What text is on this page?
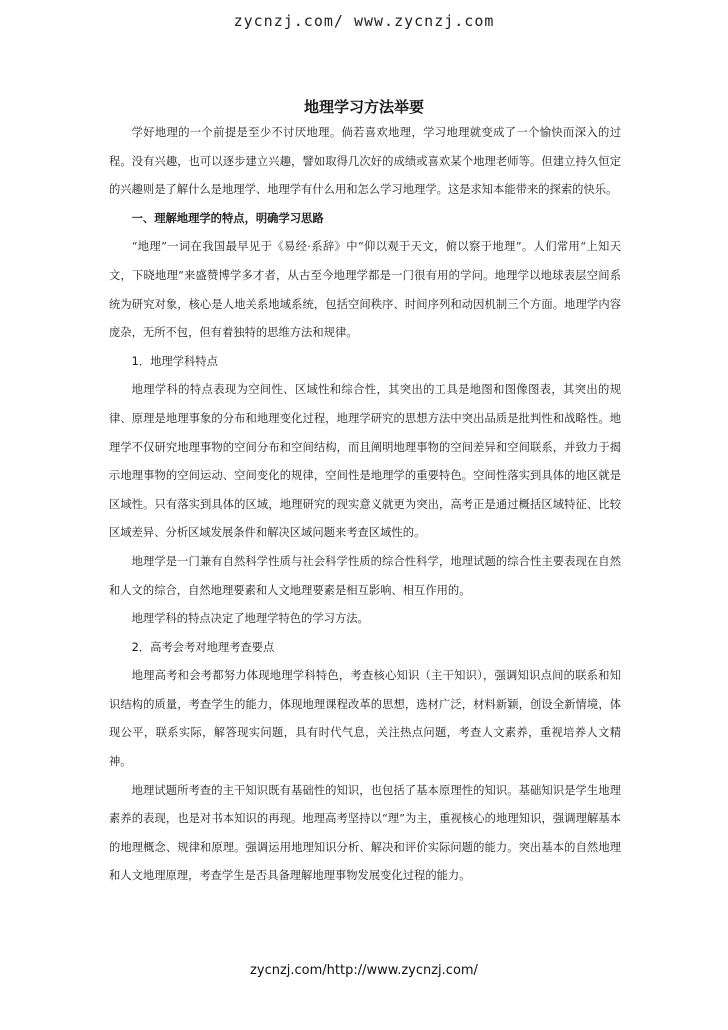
zycnzj.com/ www.zycnzj.com
地理学习方法举要

学好地理的一个前提是至少不讨厌地理。倘若喜欢地理，学习地理就变成了一个愉快而深入的过程。没有兴趣，也可以逐步建立兴趣，譬如取得几次好的成绩或喜欢某个地理老师等。但建立持久恒定的兴趣则是了解什么是地理学、地理学有什么用和怎么学习地理学。这是求知本能带来的探索的快乐。

一、理解地理学的特点，明确学习思路

“地理”一词在我国最早见于《易经·系辞》中“仰以观于天文，俯以察于地理”。人们常用“上知天文，下晓地理”来盛赞博学多才者，从古至今地理学都是一门很有用的学问。地理学以地球表层空间系统为研究对象，核心是人地关系地域系统，包括空间秩序、时间序列和动因机制三个方面。地理学内容庞杂，无所不包，但有着独特的思维方法和规律。

1．地理学科特点

地理学科的特点表现为空间性、区域性和综合性，其突出的工具是地图和图像图表，其突出的规律、原理是地理事象的分布和地理变化过程，地理学研究的思想方法中突出品质是批判性和战略性。地理学不仅研究地理事物的空间分布和空间结构，而且阐明地理事物的空间差异和空间联系，并致力于揭示地理事物的空间运动、空间变化的规律，空间性是地理学的重要特色。空间性落实到具体的地区就是区域性。只有落实到具体的区域，地理研究的现实意义就更为突出，高考正是通过概括区域特征、比较区域差异、分析区域发展条件和解决区域问题来考查区域性的。

地理学是一门兼有自然科学性质与社会科学性质的综合性科学，地理试题的综合性主要表现在自然和人文的综合，自然地理要素和人文地理要素是相互影响、相互作用的。

地理学科的特点决定了地理学特色的学习方法。

2．高考会考对地理考查要点

地理高考和会考都努力体现地理学科特色，考查核心知识（主干知识），强调知识点间的联系和知识结构的质量，考查学生的能力，体现地理课程改革的思想，选材广泛，材料新颖，创设全新情境，体现公平，联系实际，解答现实问题，具有时代气息，关注热点问题，考查人文素养，重视培养人文精神。

地理试题所考查的主干知识既有基础性的知识，也包括了基本原理性的知识。基础知识是学生地理素养的表现，也是对书本知识的再现。地理高考坚持以“理”为主，重视核心的地理知识，强调理解基本的地理概念、规律和原理。强调运用地理知识分析、解决和评价实际问题的能力。突出基本的自然地理和人文地理原理，考查学生是否具备理解地理事物发展变化过程的能力。

zycnzj.com/http://www.zycnzj.com/
